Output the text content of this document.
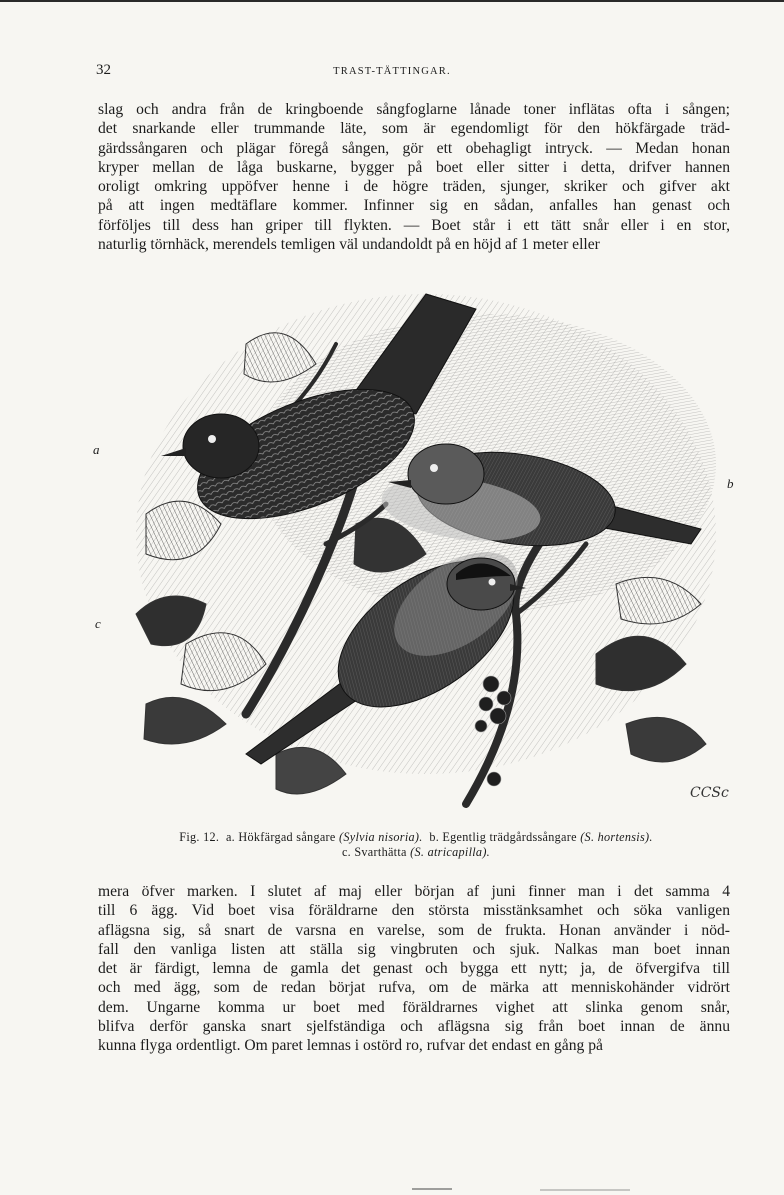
32	TRAST-TÄTTINGAR.
slag och andra från de kringboende sångfoglarne lånade toner inflätas ofta i sången;
det snarkande eller trummande läte, som är egendomligt för den hökfärgade träd-
gärdssångaren och plägar föregå sången, gör ett obehagligt intryck. — Medan honan
kryper mellan de låga buskarne, bygger på boet eller sitter i detta, drifver hannen
oroligt omkring uppöfver henne i de högre träden, sjunger, skriker och gifver akt
på att ingen medtäflare kommer. Infinner sig en sådan, anfalles han genast och
förföljes till dess han griper till flykten. — Boet står i ett tätt snår eller i en stor,
naturlig törnhäck, merendels temligen väl undandoldt på en höjd af 1 meter eller
a
b
c
CCSc
Fig. 12. a. Hökfärgad sångare (Sylvia nisoria). b. Egentlig trädgårdssångare (S. hortensis).
c. Svarthätta (S. atricapilla).
mera öfver marken. I slutet af maj eller början af juni finner man i det samma 4
till 6 ägg. Vid boet visa föräldrarne den största misstänksamhet och söka vanligen
aflägsna sig, så snart de varsna en varelse, som de frukta. Honan använder i nöd-
fall den vanliga listen att ställa sig vingbruten och sjuk. Nalkas man boet innan
det är färdigt, lemna de gamla det genast och bygga ett nytt; ja, de öfvergifva till
och med ägg, som de redan börjat rufva, om de märka att menniskohänder vidrört
dem. Ungarne komma ur boet med föräldrarnes vighet att slinka genom snår,
blifva derför ganska snart sjelfständiga och aflägsna sig från boet innan de ännu
kunna flyga ordentligt. Om paret lemnas i ostörd ro, rufvar det endast en gång på
